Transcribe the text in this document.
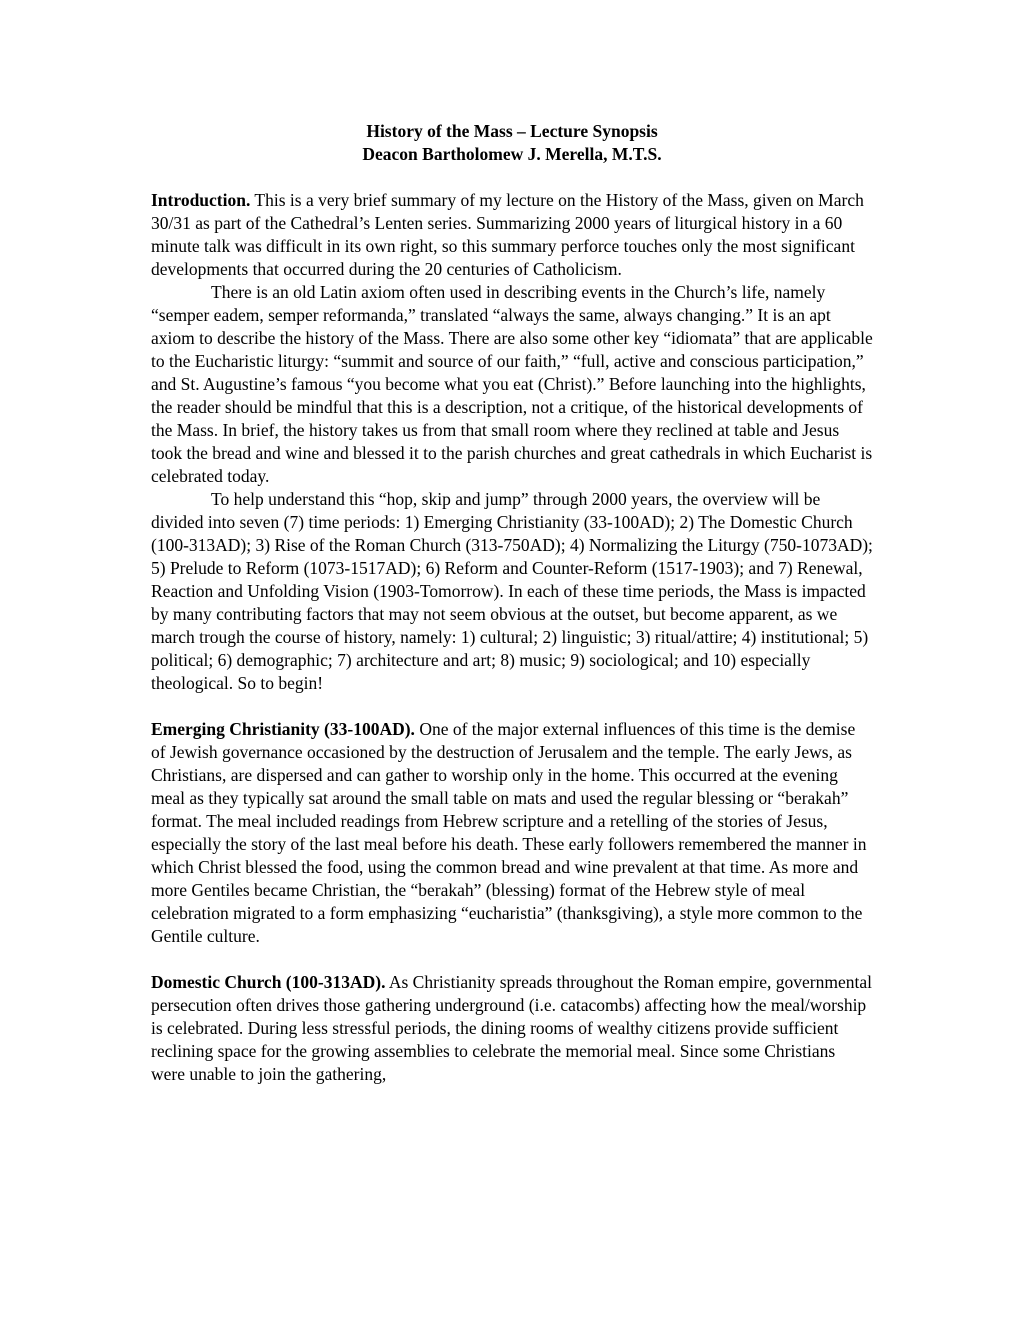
History of the Mass – Lecture Synopsis
Deacon Bartholomew J. Merella, M.T.S.

Introduction. This is a very brief summary of my lecture on the History of the Mass, given on March 30/31 as part of the Cathedral’s Lenten series. Summarizing 2000 years of liturgical history in a 60 minute talk was difficult in its own right, so this summary perforce touches only the most significant developments that occurred during the 20 centuries of Catholicism.

There is an old Latin axiom often used in describing events in the Church’s life, namely “semper eadem, semper reformanda,” translated “always the same, always changing.” It is an apt axiom to describe the history of the Mass. There are also some other key “idiomata” that are applicable to the Eucharistic liturgy: “summit and source of our faith,” “full, active and conscious participation,” and St. Augustine’s famous “you become what you eat (Christ).” Before launching into the highlights, the reader should be mindful that this is a description, not a critique, of the historical developments of the Mass. In brief, the history takes us from that small room where they reclined at table and Jesus took the bread and wine and blessed it to the parish churches and great cathedrals in which Eucharist is celebrated today.

To help understand this “hop, skip and jump” through 2000 years, the overview will be divided into seven (7) time periods: 1) Emerging Christianity (33-100AD); 2) The Domestic Church (100-313AD); 3) Rise of the Roman Church (313-750AD); 4) Normalizing the Liturgy (750-1073AD); 5) Prelude to Reform (1073-1517AD); 6) Reform and Counter-Reform (1517-1903); and 7) Renewal, Reaction and Unfolding Vision (1903-Tomorrow). In each of these time periods, the Mass is impacted by many contributing factors that may not seem obvious at the outset, but become apparent, as we march trough the course of history, namely: 1) cultural; 2) linguistic; 3) ritual/attire; 4) institutional; 5) political; 6) demographic; 7) architecture and art; 8) music; 9) sociological; and 10) especially theological. So to begin!

Emerging Christianity (33-100AD). One of the major external influences of this time is the demise of Jewish governance occasioned by the destruction of Jerusalem and the temple. The early Jews, as Christians, are dispersed and can gather to worship only in the home. This occurred at the evening meal as they typically sat around the small table on mats and used the regular blessing or “berakah” format. The meal included readings from Hebrew scripture and a retelling of the stories of Jesus, especially the story of the last meal before his death. These early followers remembered the manner in which Christ blessed the food, using the common bread and wine prevalent at that time. As more and more Gentiles became Christian, the “berakah” (blessing) format of the Hebrew style of meal celebration migrated to a form emphasizing “eucharistia” (thanksgiving), a style more common to the Gentile culture.

Domestic Church (100-313AD). As Christianity spreads throughout the Roman empire, governmental persecution often drives those gathering underground (i.e. catacombs) affecting how the meal/worship is celebrated. During less stressful periods, the dining rooms of wealthy citizens provide sufficient reclining space for the growing assemblies to celebrate the memorial meal. Since some Christians were unable to join the gathering,
